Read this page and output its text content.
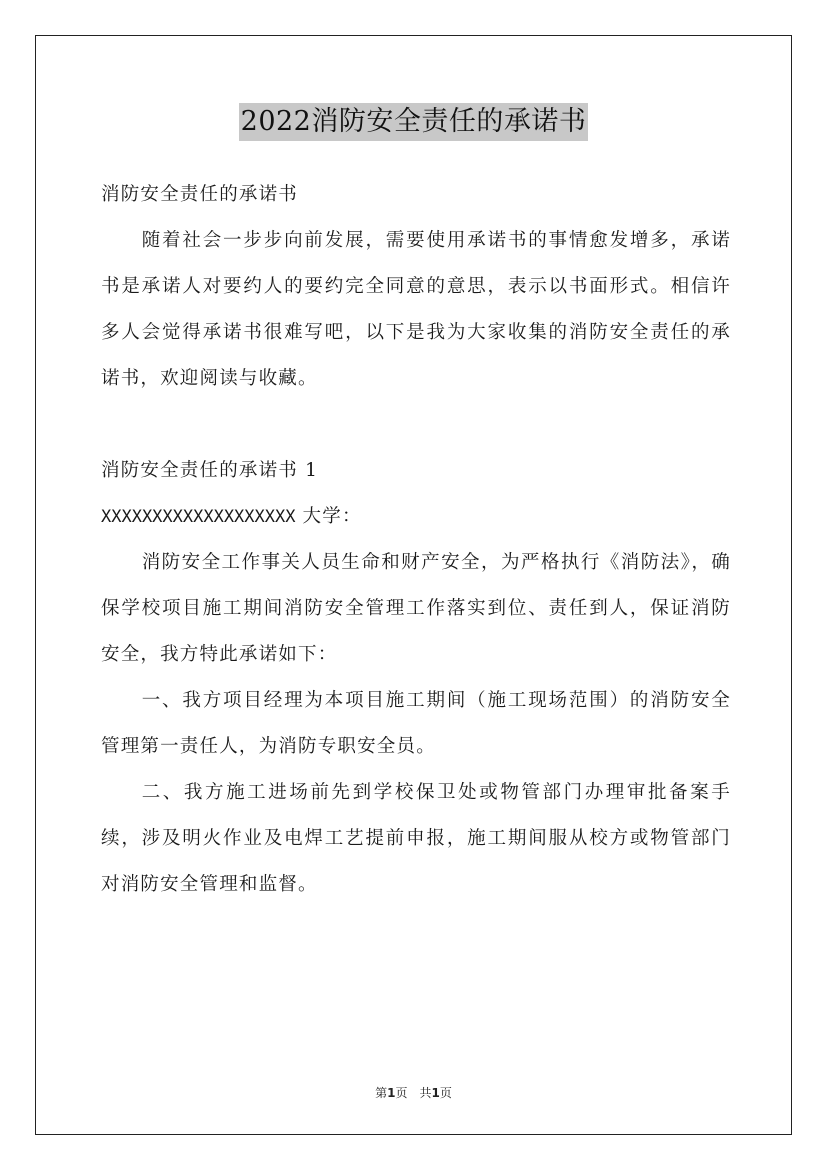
2022消防安全责任的承诺书

消防安全责任的承诺书

随着社会一步步向前发展，需要使用承诺书的事情愈发增多，承诺书是承诺人对要约人的要约完全同意的意思，表示以书面形式。相信许多人会觉得承诺书很难写吧，以下是我为大家收集的消防安全责任的承诺书，欢迎阅读与收藏。

消防安全责任的承诺书 1

XXXXXXXXXXXXXXXXXXX 大学：

消防安全工作事关人员生命和财产安全，为严格执行《消防法》，确保学校项目施工期间消防安全管理工作落实到位、责任到人，保证消防安全，我方特此承诺如下：

一、我方项目经理为本项目施工期间（施工现场范围）的消防安全管理第一责任人，为消防专职安全员。

二、我方施工进场前先到学校保卫处或物管部门办理审批备案手续，涉及明火作业及电焊工艺提前申报，施工期间服从校方或物管部门对消防安全管理和监督。

第1页 共1页
